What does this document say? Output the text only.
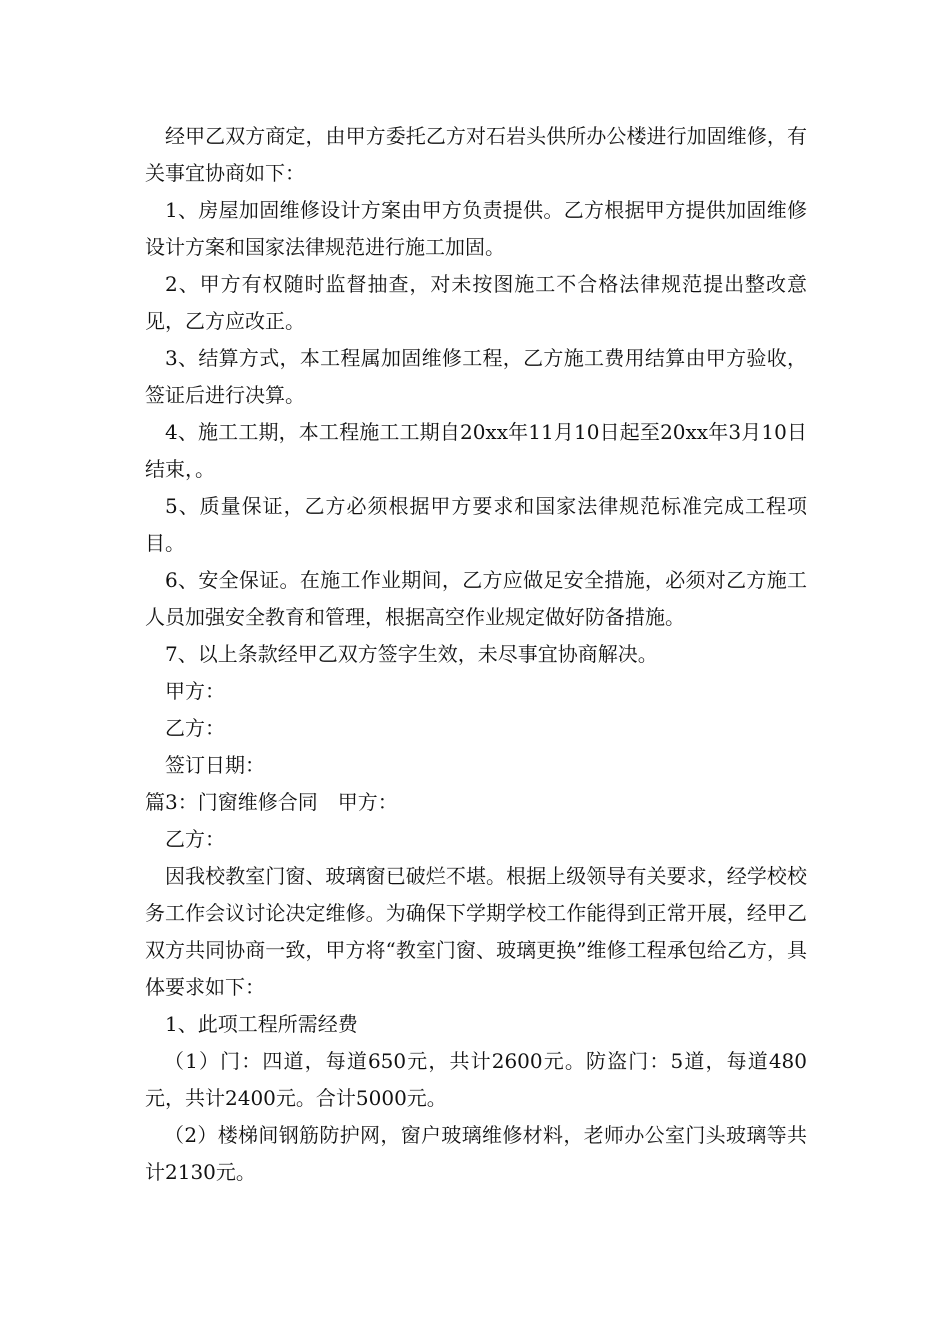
经甲乙双方商定，由甲方委托乙方对石岩头供所办公楼进行加固维修，有关事宜协商如下：

1、房屋加固维修设计方案由甲方负责提供。乙方根据甲方提供加固维修设计方案和国家法律规范进行施工加固。

2、甲方有权随时监督抽查，对未按图施工不合格法律规范提出整改意见，乙方应改正。

3、结算方式，本工程属加固维修工程，乙方施工费用结算由甲方验收，签证后进行决算。

4、施工工期，本工程施工工期自20xx年11月10日起至20xx年3月10日结束，。

5、质量保证，乙方必须根据甲方要求和国家法律规范标准完成工程项目。

6、安全保证。在施工作业期间，乙方应做足安全措施，必须对乙方施工人员加强安全教育和管理，根据高空作业规定做好防备措施。

7、以上条款经甲乙双方签字生效，未尽事宜协商解决。

甲方：

乙方：

签订日期：

篇3：门窗维修合同　甲方：

乙方：

因我校教室门窗、玻璃窗已破烂不堪。根据上级领导有关要求，经学校校务工作会议讨论决定维修。为确保下学期学校工作能得到正常开展，经甲乙双方共同协商一致，甲方将“教室门窗、玻璃更换”维修工程承包给乙方，具体要求如下：

1、此项工程所需经费

（1）门：四道，每道650元，共计2600元。防盗门：5道，每道480元，共计2400元。合计5000元。

（2）楼梯间钢筋防护网，窗户玻璃维修材料，老师办公室门头玻璃等共计2130元。
